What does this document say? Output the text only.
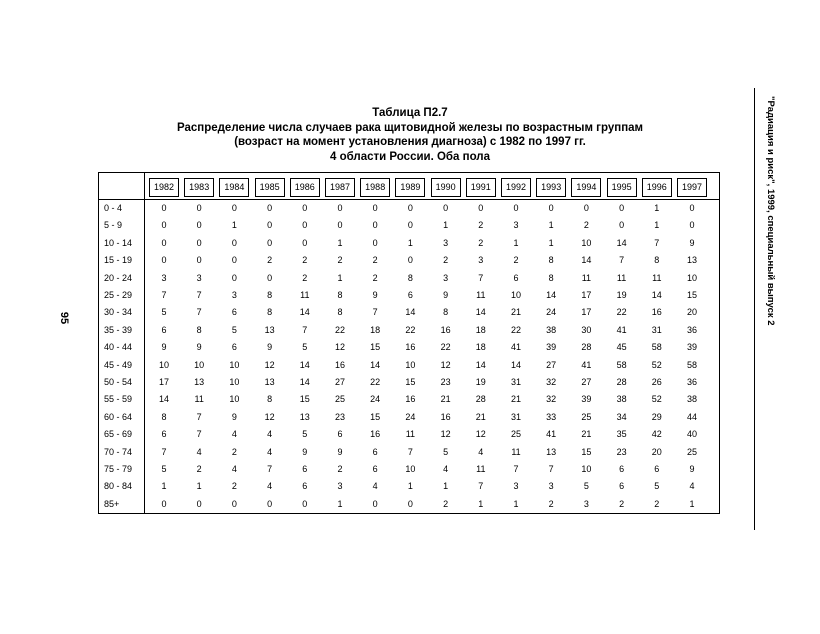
Таблица П2.7
Распределение числа случаев рака щитовидной железы по возрастным группам
(возраст на момент установления диагноза) с 1982 по 1997 гг.
4 области России. Оба пола
1982	1983	1984	1985	1986	1987	1988	1989	1990	1991	1992	1993	1994	1995	1996	1997
0 - 4	0	0	0	0	0	0	0	0	0	0	0	0	0	0	1	0
5 - 9	0	0	1	0	0	0	0	0	1	2	3	1	2	0	1	0
10 - 14	0	0	0	0	0	1	0	1	3	2	1	1	10	14	7	9
15 - 19	0	0	0	2	2	2	2	0	2	3	2	8	14	7	8	13
20 - 24	3	3	0	0	2	1	2	8	3	7	6	8	11	11	11	10
25 - 29	7	7	3	8	11	8	9	6	9	11	10	14	17	19	14	15
30 - 34	5	7	6	8	14	8	7	14	8	14	21	24	17	22	16	20
35 - 39	6	8	5	13	7	22	18	22	16	18	22	38	30	41	31	36
40 - 44	9	9	6	9	5	12	15	16	22	18	41	39	28	45	58	39
45 - 49	10	10	10	12	14	16	14	10	12	14	14	27	41	58	52	58
50 - 54	17	13	10	13	14	27	22	15	23	19	31	32	27	28	26	36
55 - 59	14	11	10	8	15	25	24	16	21	28	21	32	39	38	52	38
60 - 64	8	7	9	12	13	23	15	24	16	21	31	33	25	34	29	44
65 - 69	6	7	4	4	5	6	16	11	12	12	25	41	21	35	42	40
70 - 74	7	4	2	4	9	9	6	7	5	4	11	13	15	23	20	25
75 - 79	5	2	4	7	6	2	6	10	4	11	7	7	10	6	6	9
80 - 84	1	1	2	4	6	3	4	1	1	7	3	3	5	6	5	4
85+	0	0	0	0	0	1	0	0	2	1	1	2	3	2	2	1
95	"Радиация и риск", 1999, специальный выпуск 2
